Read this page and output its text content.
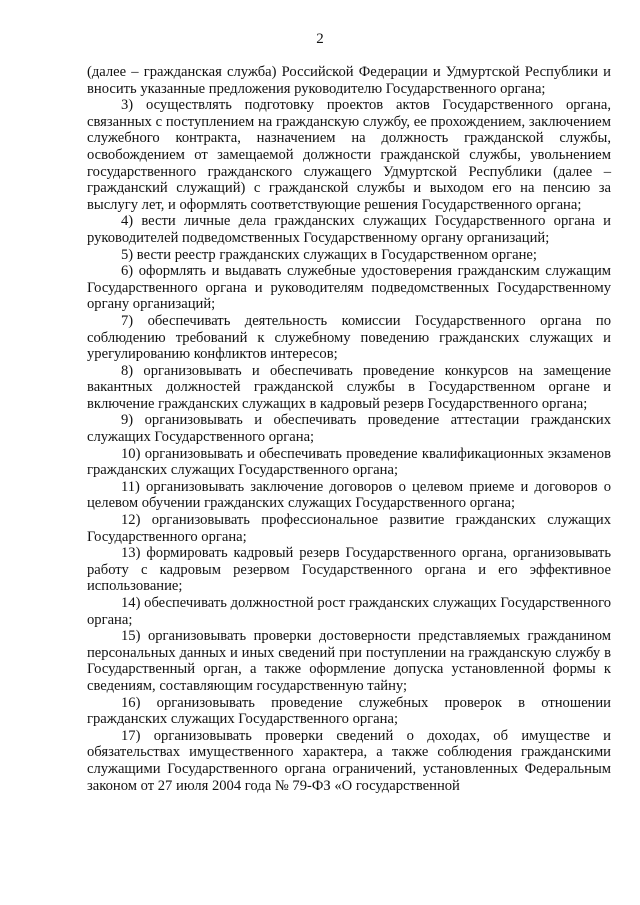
2

(далее – гражданская служба) Российской Федерации и Удмуртской Республики и вносить указанные предложения руководителю Государственного органа;

3) осуществлять подготовку проектов актов Государственного органа, связанных с поступлением на гражданскую службу, ее прохождением, заключением служебного контракта, назначением на должность гражданской службы, освобождением от замещаемой должности гражданской службы, увольнением государственного гражданского служащего Удмуртской Республики (далее – гражданский служащий) с гражданской службы и выходом его на пенсию за выслугу лет, и оформлять соответствующие решения Государственного органа;

4) вести личные дела гражданских служащих Государственного органа и руководителей подведомственных Государственному органу организаций;

5) вести реестр гражданских служащих в Государственном органе;

6) оформлять и выдавать служебные удостоверения гражданским служащим Государственного органа и руководителям подведомственных Государственному органу организаций;

7) обеспечивать деятельность комиссии Государственного органа по соблюдению требований к служебному поведению гражданских служащих и урегулированию конфликтов интересов;

8) организовывать и обеспечивать проведение конкурсов на замещение вакантных должностей гражданской службы в Государственном органе и включение гражданских служащих в кадровый резерв Государственного органа;

9) организовывать и обеспечивать проведение аттестации гражданских служащих Государственного органа;

10) организовывать и обеспечивать проведение квалификационных экзаменов гражданских служащих Государственного органа;

11) организовывать заключение договоров о целевом приеме и договоров о целевом обучении гражданских служащих Государственного органа;

12) организовывать профессиональное развитие гражданских служащих Государственного органа;

13) формировать кадровый резерв Государственного органа, организовывать работу с кадровым резервом Государственного органа и его эффективное использование;

14) обеспечивать должностной рост гражданских служащих Государственного органа;

15) организовывать проверки достоверности представляемых гражданином персональных данных и иных сведений при поступлении на гражданскую службу в Государственный орган, а также оформление допуска установленной формы к сведениям, составляющим государственную тайну;

16) организовывать проведение служебных проверок в отношении гражданских служащих Государственного органа;

17) организовывать проверки сведений о доходах, об имуществе и обязательствах имущественного характера, а также соблюдения гражданскими служащими Государственного органа ограничений, установленных Федеральным законом от 27 июля 2004 года № 79-ФЗ «О государственной
